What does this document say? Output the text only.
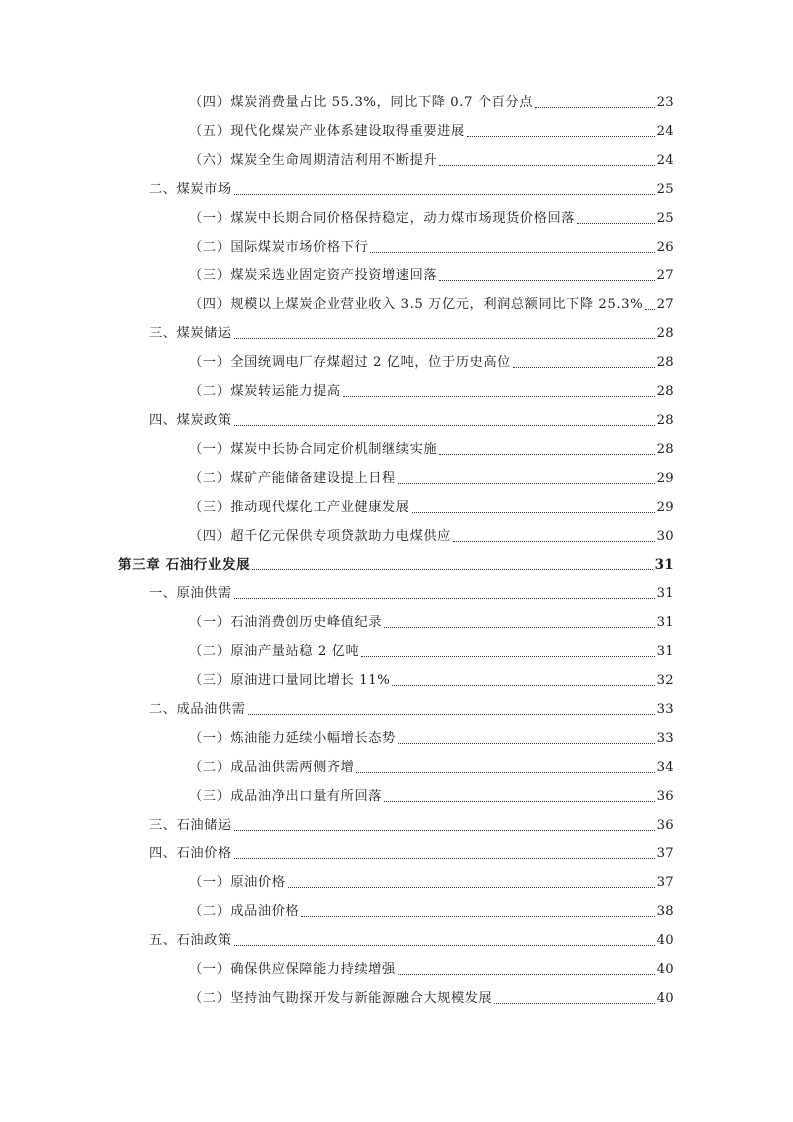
（四）煤炭消费量占比 55.3%，同比下降 0.7 个百分点	23
（五）现代化煤炭产业体系建设取得重要进展	24
（六）煤炭全生命周期清洁利用不断提升	24
二、煤炭市场	25
（一）煤炭中长期合同价格保持稳定，动力煤市场现货价格回落	25
（二）国际煤炭市场价格下行	26
（三）煤炭采选业固定资产投资增速回落	27
（四）规模以上煤炭企业营业收入 3.5 万亿元，利润总额同比下降 25.3% 27
三、煤炭储运	28
（一）全国统调电厂存煤超过 2 亿吨，位于历史高位	28
（二）煤炭转运能力提高	28
四、煤炭政策	28
（一）煤炭中长协合同定价机制继续实施	28
（二）煤矿产能储备建设提上日程	29
（三）推动现代煤化工产业健康发展	29
（四）超千亿元保供专项贷款助力电煤供应	30
第三章 石油行业发展	31
一、原油供需	31
（一）石油消费创历史峰值纪录	31
（二）原油产量站稳 2 亿吨	31
（三）原油进口量同比增长 11%	32
二、成品油供需	33
（一）炼油能力延续小幅增长态势	33
（二）成品油供需两侧齐增	34
（三）成品油净出口量有所回落	36
三、石油储运	36
四、石油价格	37
（一）原油价格	37
（二）成品油价格	38
五、石油政策	40
（一）确保供应保障能力持续增强	40
（二）坚持油气勘探开发与新能源融合大规模发展	40
